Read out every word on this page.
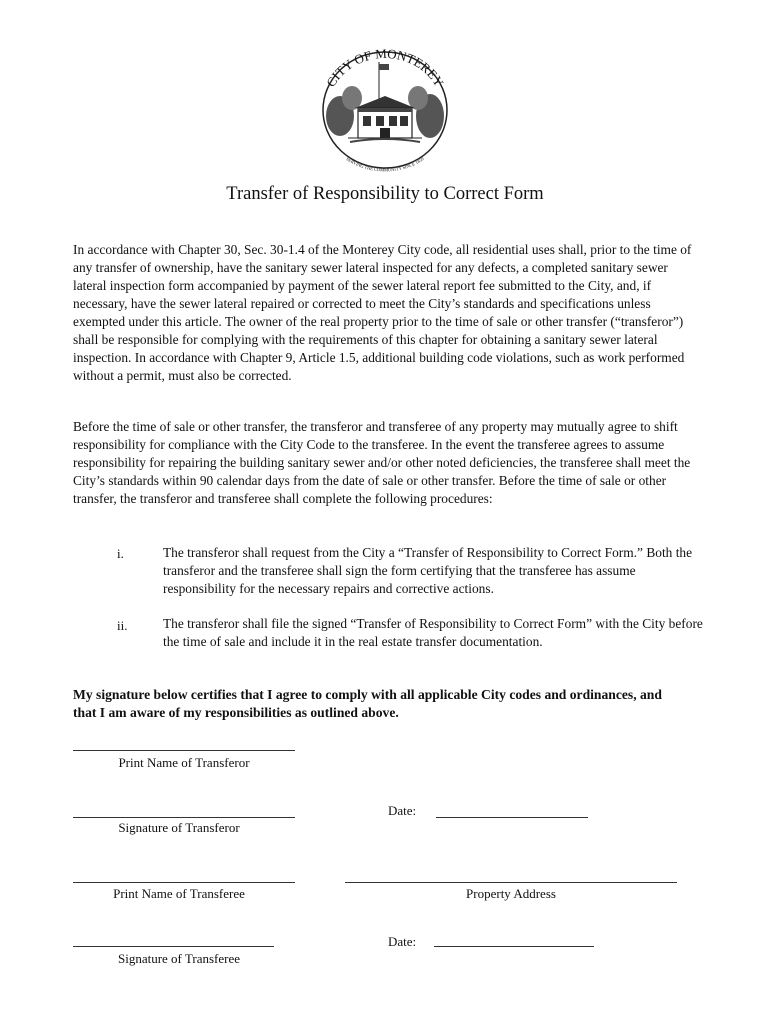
CITY OF MONTEREY
SERVING THE COMMUNITY SINCE 1850
Transfer of Responsibility to Correct Form

In accordance with Chapter 30, Sec. 30-1.4 of the Monterey City code, all residential uses shall, prior to the time of any transfer of ownership, have the sanitary sewer lateral inspected for any defects, a completed sanitary sewer lateral inspection form accompanied by payment of the sewer lateral report fee submitted to the City, and, if necessary, have the sewer lateral repaired or corrected to meet the City’s standards and specifications unless exempted under this article. The owner of the real property prior to the time of sale or other transfer (“transferor”) shall be responsible for complying with the requirements of this chapter for obtaining a sanitary sewer lateral inspection. In accordance with Chapter 9, Article 1.5, additional building code violations, such as work performed without a permit, must also be corrected.

Before the time of sale or other transfer, the transferor and transferee of any property may mutually agree to shift responsibility for compliance with the City Code to the transferee. In the event the transferee agrees to assume responsibility for repairing the building sanitary sewer and/or other noted deficiencies, the transferee shall meet the City’s standards within 90 calendar days from the date of sale or other transfer. Before the time of sale or other transfer, the transferor and transferee shall complete the following procedures:

i.	The transferor shall request from the City a “Transfer of Responsibility to Correct Form.” Both the transferor and the transferee shall sign the form certifying that the transferee has assume responsibility for the necessary repairs and corrective actions.
ii.	The transferor shall file the signed “Transfer of Responsibility to Correct Form” with the City before the time of sale and include it in the real estate transfer documentation.
My signature below certifies that I agree to comply with all applicable City codes and ordinances, and that I am aware of my responsibilities as outlined above.
Print Name of Transferor
Signature of Transferor
Date:
Print Name of Transferee	Property Address
Signature of Transferee
Date:
